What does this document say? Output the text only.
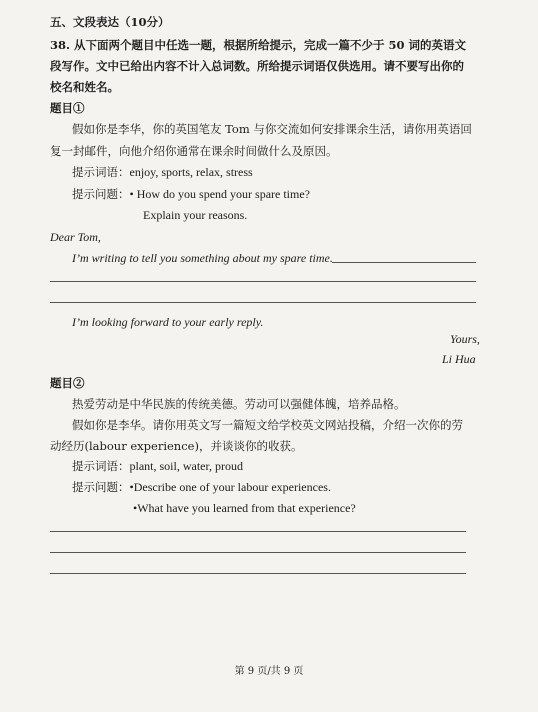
五、文段表达（10分）
38. 从下面两个题目中任选一题，根据所给提示，完成一篇不少于 50 词的英语文
段写作。文中已给出内容不计入总词数。所给提示词语仅供选用。请不要写出你的
校名和姓名。
题目①
假如你是李华，你的英国笔友 Tom 与你交流如何安排课余生活，请你用英语回
复一封邮件，向他介绍你通常在课余时间做什么及原因。
提示词语：enjoy, sports, relax, stress
提示问题：• How do you spend your spare time?
Explain your reasons.
Dear Tom,
I’m writing to tell you something about my spare time.
I’m looking forward to your early reply.
Yours,
Li Hua
题目②
热爱劳动是中华民族的传统美德。劳动可以强健体魄，培养品格。
假如你是李华。请你用英文写一篇短文给学校英文网站投稿，介绍一次你的劳
动经历(labour experience)，并谈谈你的收获。
提示词语：plant, soil, water, proud
提示问题：•Describe one of your labour experiences.
•What have you learned from that experience?
第 9 页/共 9 页
